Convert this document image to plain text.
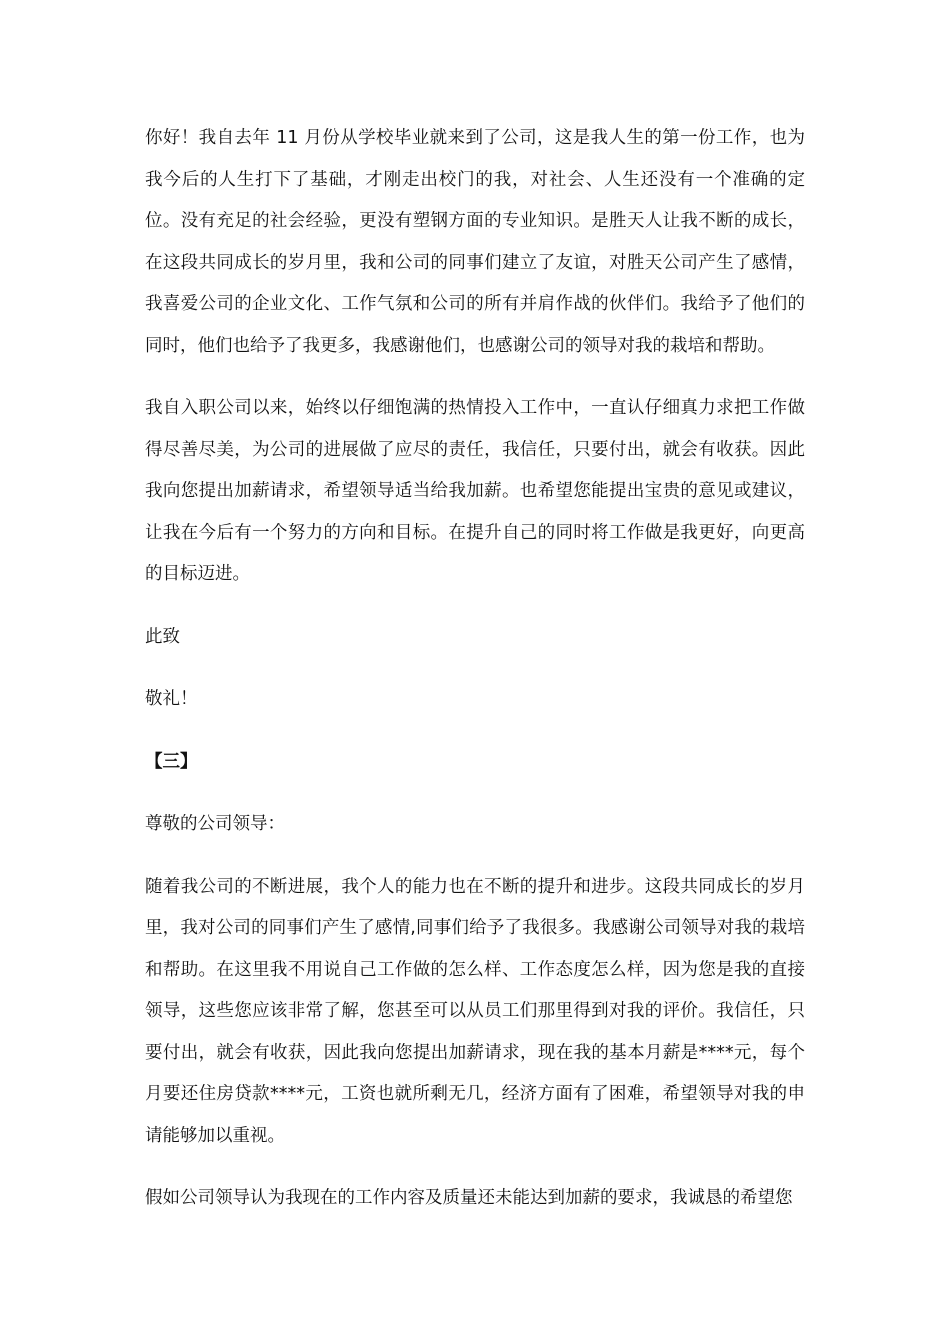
你好！我自去年 11 月份从学校毕业就来到了公司，这是我人生的第一份工作，也为我今后的人生打下了基础，才刚走出校门的我，对社会、人生还没有一个准确的定位。没有充足的社会经验，更没有塑钢方面的专业知识。是胜天人让我不断的成长，在这段共同成长的岁月里，我和公司的同事们建立了友谊，对胜天公司产生了感情，我喜爱公司的企业文化、工作气氛和公司的所有并肩作战的伙伴们。我给予了他们的同时，他们也给予了我更多，我感谢他们，也感谢公司的领导对我的栽培和帮助。

我自入职公司以来，始终以仔细饱满的热情投入工作中，一直认仔细真力求把工作做得尽善尽美，为公司的进展做了应尽的责任，我信任，只要付出，就会有收获。因此我向您提出加薪请求，希望领导适当给我加薪。也希望您能提出宝贵的意见或建议，让我在今后有一个努力的方向和目标。在提升自己的同时将工作做是我更好，向更高的目标迈进。

此致

敬礼！

【三】

尊敬的公司领导：

随着我公司的不断进展，我个人的能力也在不断的提升和进步。这段共同成长的岁月里，我对公司的同事们产生了感情,同事们给予了我很多。我感谢公司领导对我的栽培和帮助。在这里我不用说自己工作做的怎么样、工作态度怎么样，因为您是我的直接领导，这些您应该非常了解，您甚至可以从员工们那里得到对我的评价。我信任，只要付出，就会有收获，因此我向您提出加薪请求，现在我的基本月薪是****元，每个月要还住房贷款****元，工资也就所剩无几，经济方面有了困难，希望领导对我的申请能够加以重视。

假如公司领导认为我现在的工作内容及质量还未能达到加薪的要求，我诚恳的希望您
